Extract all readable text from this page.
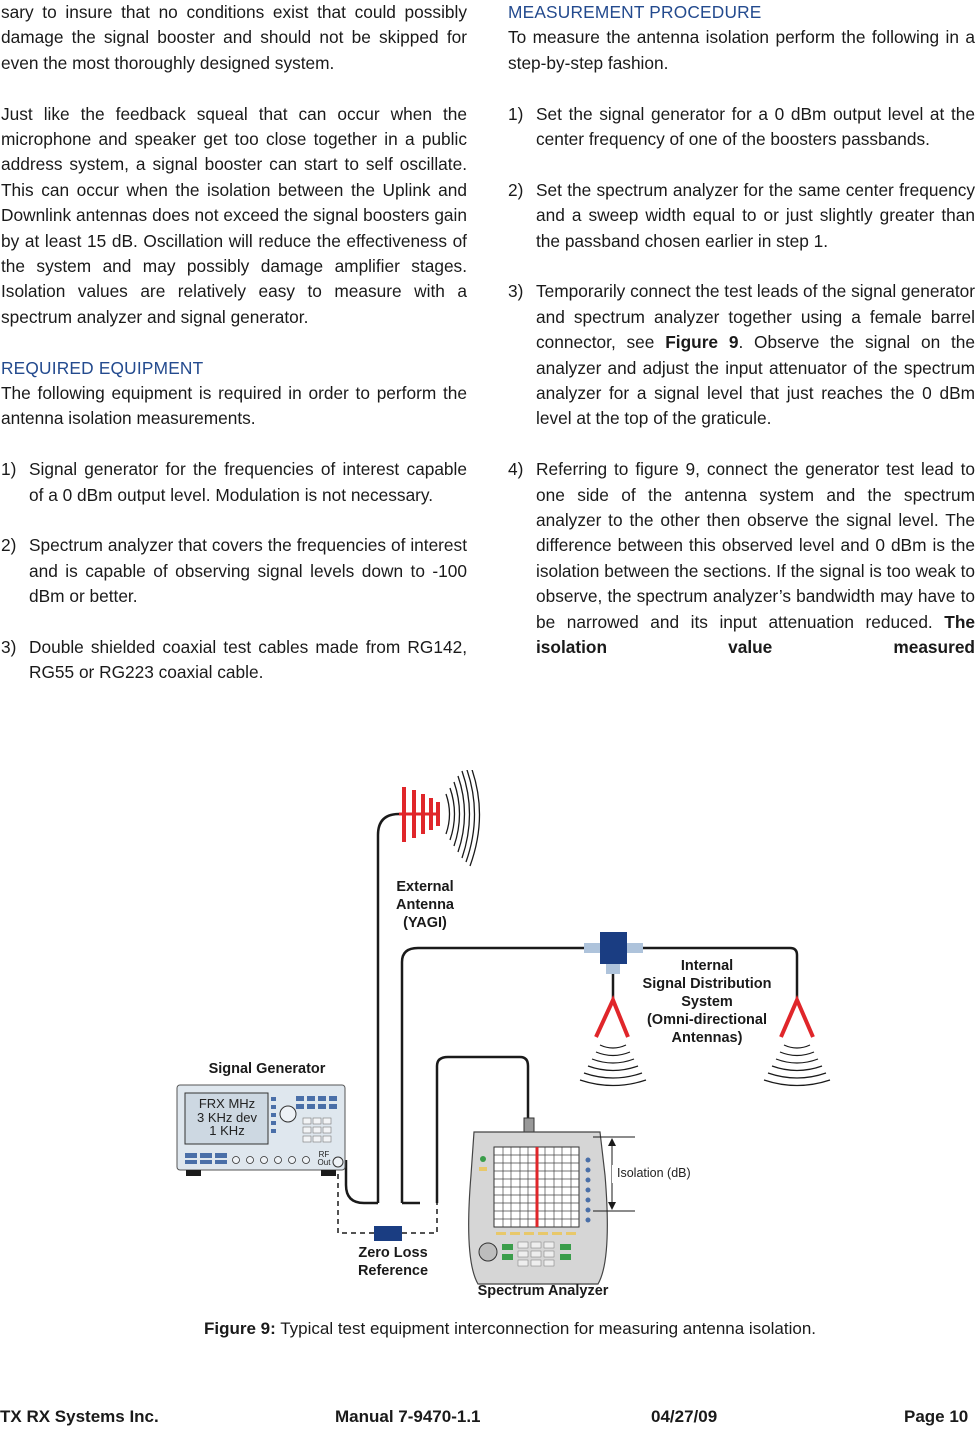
sary to insure that no conditions exist that could possibly damage the signal booster and should not be skipped for even the most thoroughly designed system.

Just like the feedback squeal that can occur when the microphone and speaker get too close together in a public address system, a signal booster can start to self oscillate. This can occur when the isolation between the Uplink and Downlink antennas does not exceed the signal boosters gain by at least 15 dB. Oscillation will reduce the effectiveness of the system and may possibly damage amplifier stages. Isolation values are relatively easy to measure with a spectrum analyzer and signal generator.

REQUIRED EQUIPMENT

The following equipment is required in order to perform the antenna isolation measurements.

1) Signal generator for the frequencies of interest capable of a 0 dBm output level. Modulation is not necessary.
2) Spectrum analyzer that covers the frequencies of interest and is capable of observing signal levels down to -100 dBm or better.
3) Double shielded coaxial test cables made from RG142, RG55 or RG223 coaxial cable.
MEASUREMENT PROCEDURE

To measure the antenna isolation perform the following in a step-by-step fashion.

1) Set the signal generator for a 0 dBm output level at the center frequency of one of the boosters passbands.
2) Set the spectrum analyzer for the same center frequency and a sweep width equal to or just slightly greater than the passband chosen earlier in step 1.
3) Temporarily connect the test leads of the signal generator and spectrum analyzer together using a female barrel connector, see Figure 9. Observe the signal on the analyzer and adjust the input attenuator of the spectrum analyzer for a signal level that just reaches the 0 dBm level at the top of the graticule.
4) Referring to figure 9, connect the generator test lead to one side of the antenna system and the spectrum analyzer to the other then observe the signal level. The difference between this observed level and 0 dBm is the isolation between the sections. If the signal is too weak to observe, the spectrum analyzer’s bandwidth may have to be narrowed and its input attenuation reduced. The isolation value measured
External
Antenna
(YAGI)
Internal
Signal Distribution
System
(Omni-directional
Antennas)
Signal Generator
FRX MHz
3 KHz dev
1 KHz
RF
Out
Isolation (dB)
Zero Loss
Reference
Spectrum Analyzer
Figure 9: Typical test equipment interconnection for measuring antenna isolation.
TX RX Systems Inc.	Manual 7-9470-1.1	04/27/09	Page 10
